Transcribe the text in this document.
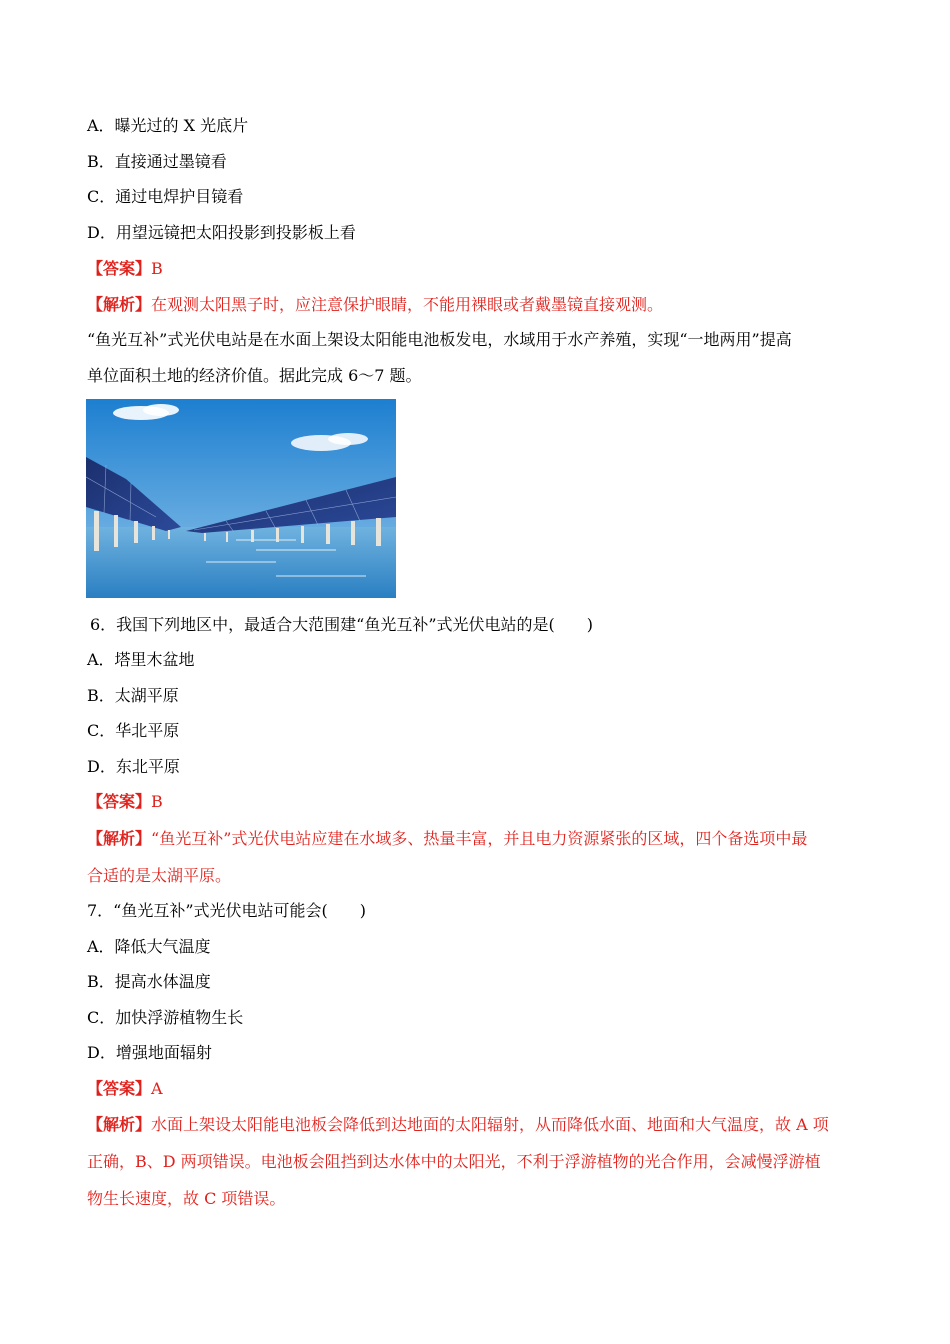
A．曝光过的 X 光底片
B．直接通过墨镜看
C．通过电焊护目镜看
D．用望远镜把太阳投影到投影板上看
【答案】B
【解析】在观测太阳黑子时，应注意保护眼睛，不能用裸眼或者戴墨镜直接观测。
“鱼光互补”式光伏电站是在水面上架设太阳能电池板发电，水域用于水产养殖，实现“一地两用”提高
单位面积土地的经济价值。据此完成 6～7 题。
6．我国下列地区中，最适合大范围建“鱼光互补”式光伏电站的是(　　)
A．塔里木盆地
B．太湖平原
C．华北平原
D．东北平原
【答案】B
【解析】“鱼光互补”式光伏电站应建在水域多、热量丰富，并且电力资源紧张的区域，四个备选项中最
合适的是太湖平原。
7．“鱼光互补”式光伏电站可能会(　　)
A．降低大气温度
B．提高水体温度
C．加快浮游植物生长
D．增强地面辐射
【答案】A
【解析】水面上架设太阳能电池板会降低到达地面的太阳辐射，从而降低水面、地面和大气温度，故 A 项
正确，B、D 两项错误。电池板会阻挡到达水体中的太阳光，不利于浮游植物的光合作用，会减慢浮游植
物生长速度，故 C 项错误。
